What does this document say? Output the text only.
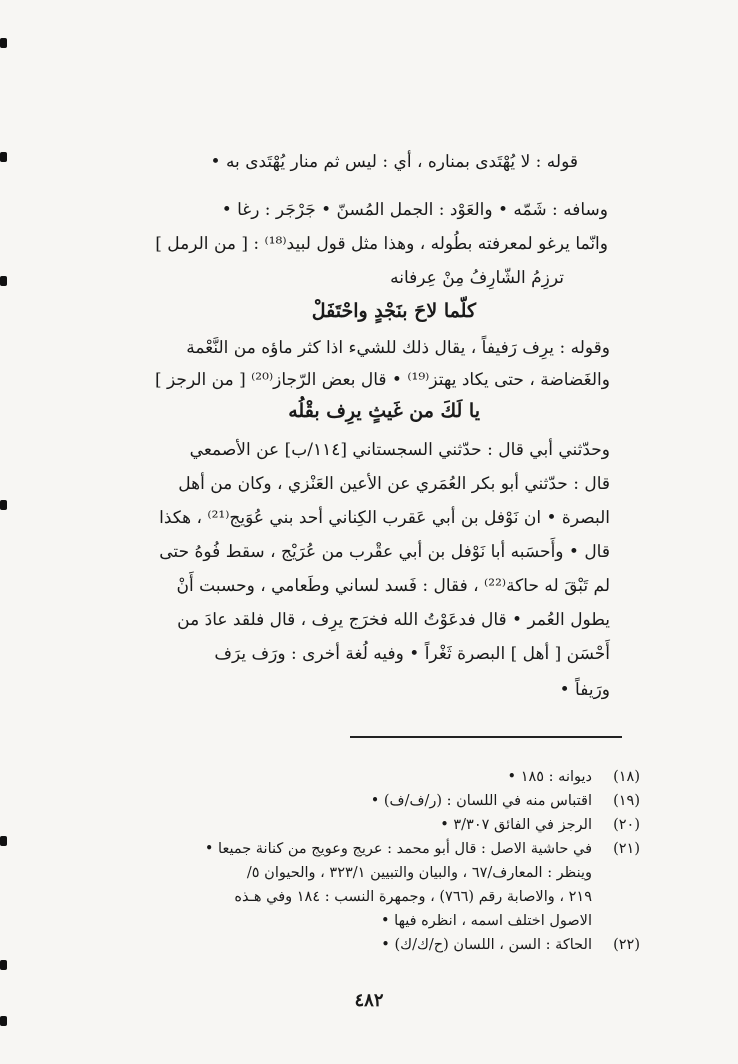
قوله : لا يُهْتَدى بمناره ، أي : ليس ثم منار يُهْتَدى به •
وسافه : شَمّه • والعَوْد : الجمل المُسنّ • جَرْجَر : رغا •
وانّما يرغو لمعرفته بطُوله ، وهذا مثل قول لبيد⁽¹⁸⁾ : [ من الرمل ]
ترزِمُ الشّارِفُ مِنْ عِرفانه
كلّما لاحَ بنَجْدٍ واحْتَفَلْ
وقوله : يرِف رَفيفاً ، يقال ذلك للشيء اذا كثر ماؤه من النَّعْمة
والغَضاضة ، حتى يكاد يهتز⁽¹⁹⁾ • قال بعض الرّجاز⁽²⁰⁾ [ من الرجز ]
يا لَكَ من غَيثٍ يرِف بقْلُه
وحدّثني أبي قال : حدّثني السجستاني [١١٤/ب] عن الأصمعي
قال : حدّثني أبو بكر العُمَري عن الأعين العَنْزي ، وكان من أهل
البصرة • ان نَوْفل بن أبي عَقرب الكِناني أحد بني عُوَيج⁽²¹⁾ ، هكذا
قال • وأَحسَبه أبا نَوْفل بن أبي عقْرب من عُرَيْج ، سقط فُوهُ حتى
لم تَبْقَ له حاكة⁽²²⁾ ، فقال : فَسد لساني وطَعامي ، وحسبت أَنْ
يطول العُمر • قال فدعَوْتُ الله فخرَج يرِف ، قال فلقد عادَ من
أَحْسَن [ أهل ] البصرة ثَغْراً • وفيه لُغة أخرى : ورَف يرَف
ورَيفاً •
(١٨)
ديوانه : ١٨٥ •
(١٩)
اقتباس منه في اللسان : (ر/ف/ف) •
(٢٠)
الرجز في الفائق ٣/٣٠٧ •
(٢١)
في حاشية الاصل : قال أبو محمد : عريج وعويج من كنانة جميعا •
وينظر : المعارف/٦٧ ، والبيان والتبيين ٣٢٣/١ ، والحيوان ٥/
٢١٩ ، والاصابة رقم (٧٦٦) ، وجمهرة النسب : ١٨٤ وفي هـذه
الاصول اختلف اسمه ، انظره فيها •
(٢٢)
الحاكة : السن ، اللسان (ح/ك/ك) •
٤٨٢
